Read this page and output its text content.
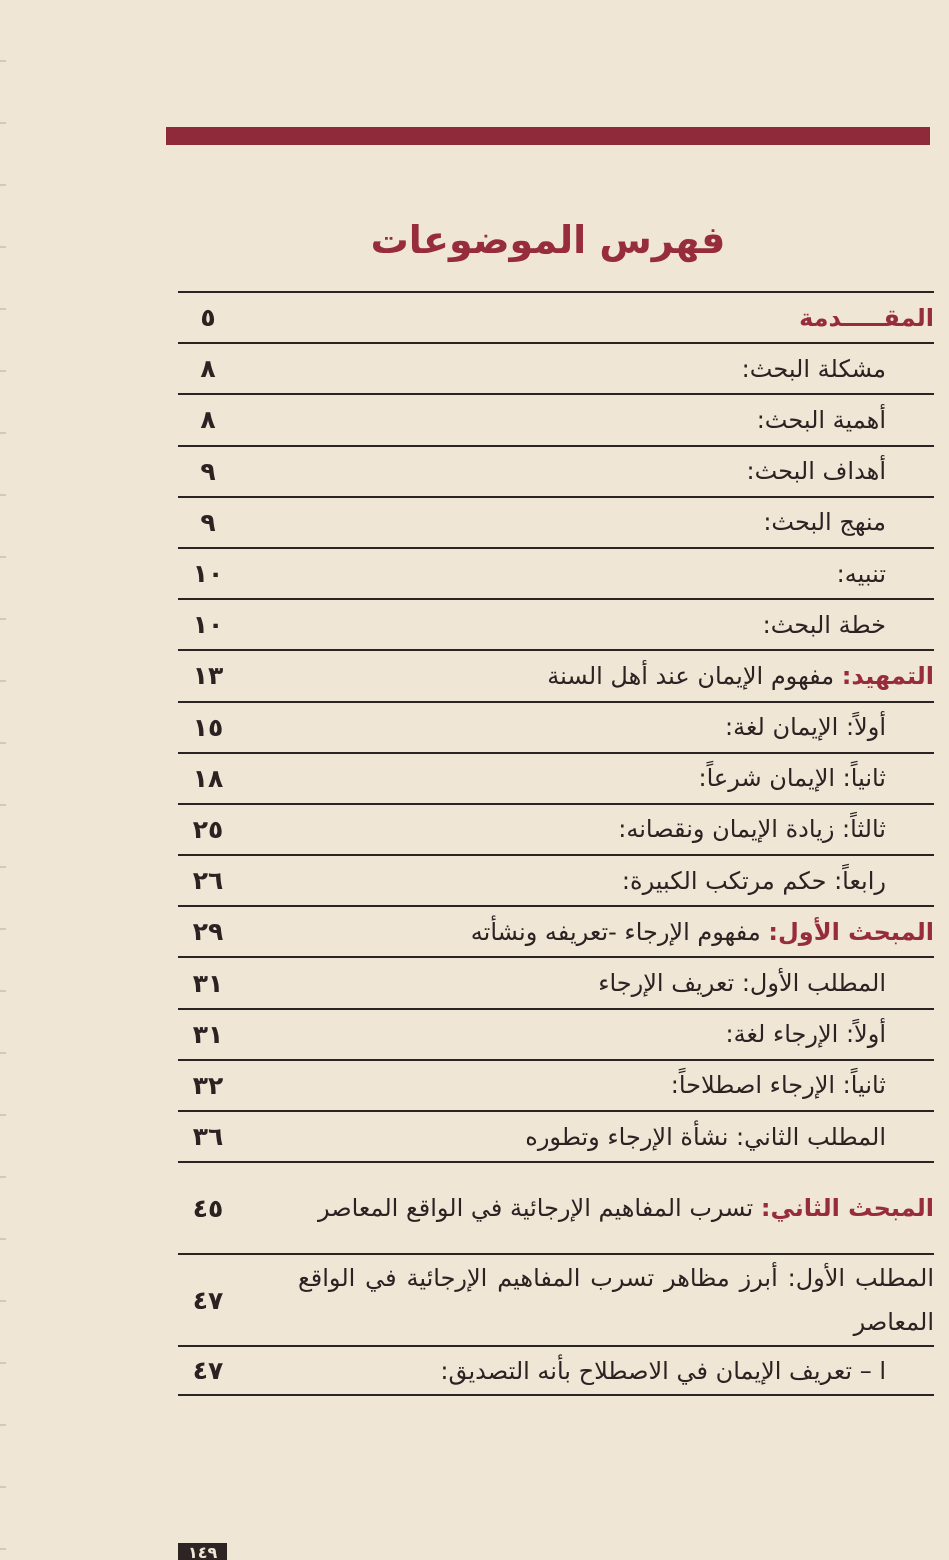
فهرس الموضوعات
المقـــــدمة
٥
مشكلة البحث:
٨
أهمية البحث:
٨
أهداف البحث:
٩
منهج البحث:
٩
تنبيه:
١٠
خطة البحث:
١٠
التمهيد: مفهوم الإيمان عند أهل السنة
١٣
أولاً: الإيمان لغة:
١٥
ثانياً: الإيمان شرعاً:
١٨
ثالثاً: زيادة الإيمان ونقصانه:
٢٥
رابعاً: حكم مرتكب الكبيرة:
٢٦
المبحث الأول: مفهوم الإرجاء -تعريفه ونشأته
٢٩
المطلب الأول: تعريف الإرجاء
٣١
أولاً: الإرجاء لغة:
٣١
ثانياً: الإرجاء اصطلاحاً:
٣٢
المطلب الثاني: نشأة الإرجاء وتطوره
٣٦
المبحث الثاني: تسرب المفاهيم الإرجائية في الواقع المعاصر
٤٥
المطلب الأول: أبرز مظاهر تسرب المفاهيم الإرجائية في الواقع المعاصر
٤٧
ا – تعريف الإيمان في الاصطلاح بأنه التصديق:
٤٧
١٤٩
